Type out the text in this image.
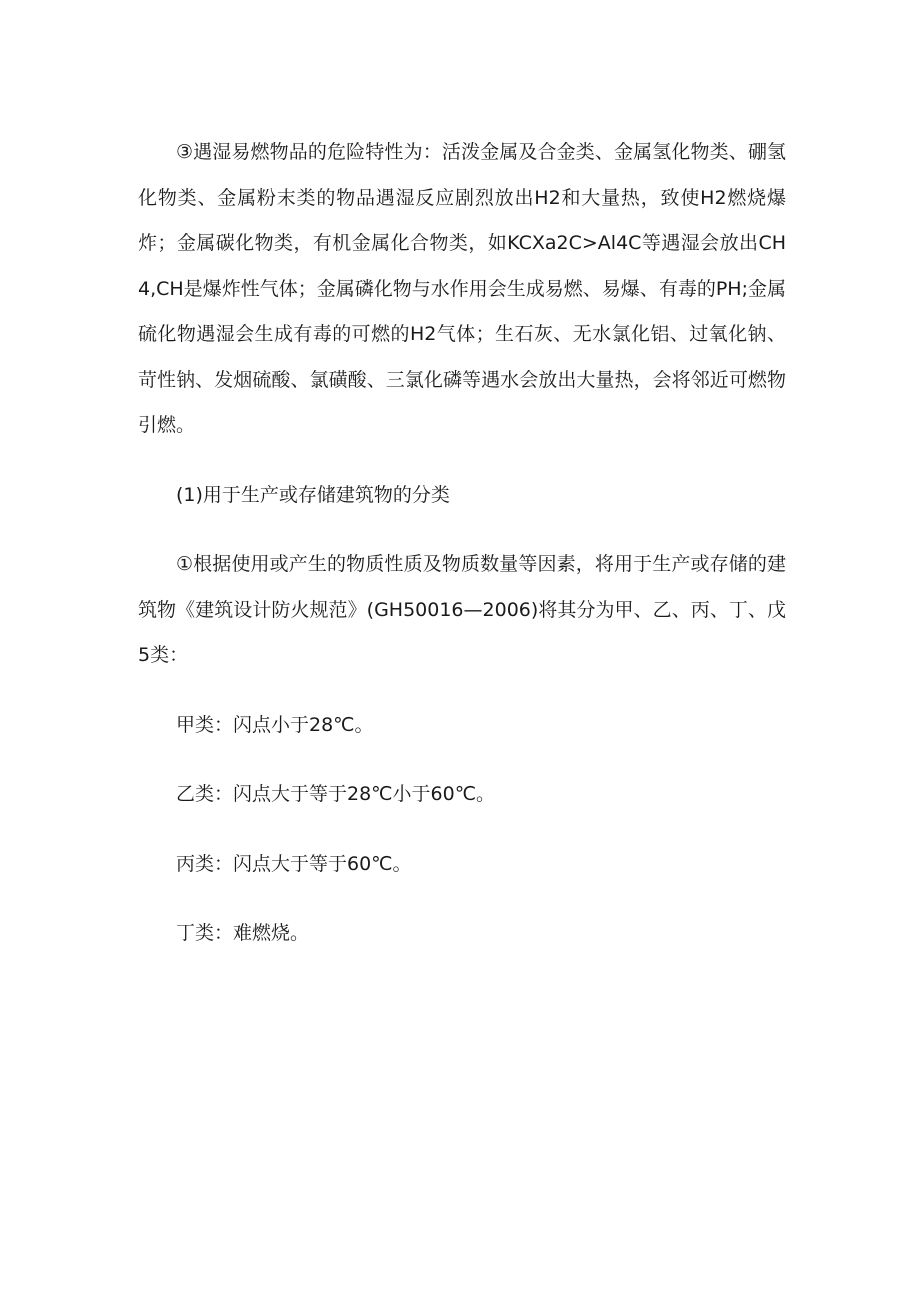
③遇湿易燃物品的危险特性为：活泼金属及合金类、金属氢化物类、硼氢化物类、金属粉末类的物品遇湿反应剧烈放出H2和大量热，致使H2燃烧爆炸；金属碳化物类，有机金属化合物类，如KCXa2C>Al4C等遇湿会放出CH4,CH是爆炸性气体；金属磷化物与水作用会生成易燃、易爆、有毒的PH;金属硫化物遇湿会生成有毒的可燃的H2气体；生石灰、无水氯化铝、过氧化钠、苛性钠、发烟硫酸、氯磺酸、三氯化磷等遇水会放出大量热，会将邻近可燃物引燃。

(1)用于生产或存储建筑物的分类

①根据使用或产生的物质性质及物质数量等因素，将用于生产或存储的建筑物《建筑设计防火规范》(GH50016—2006)将其分为甲、乙、丙、丁、戊5类：

甲类：闪点小于28℃。

乙类：闪点大于等于28℃小于60℃。

丙类：闪点大于等于60℃。

丁类：难燃烧。
